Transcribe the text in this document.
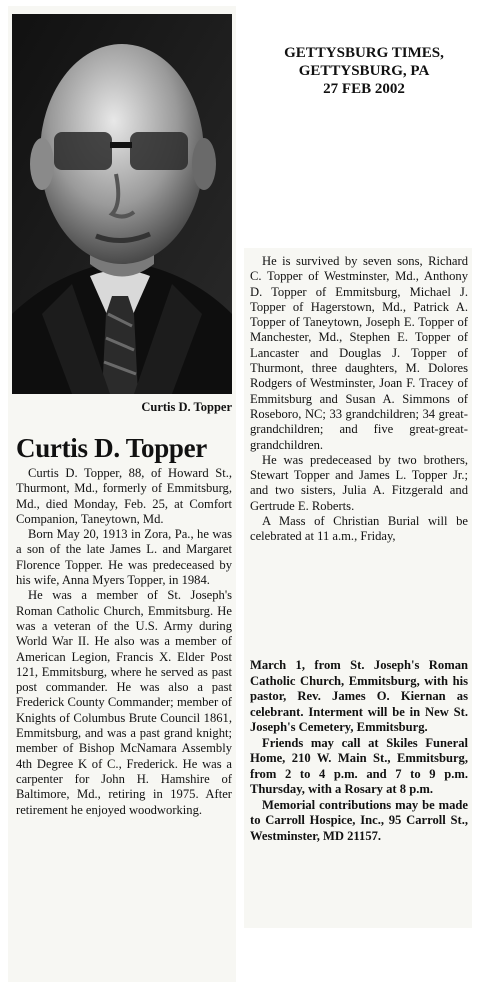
Curtis D. Topper
GETTYSBURG TIMES,
GETTYSBURG, PA
27 FEB 2002
Curtis D. Topper

Curtis D. Topper, 88, of Howard St., Thurmont, Md., formerly of Emmitsburg, Md., died Monday, Feb. 25, at Comfort Companion, Taneytown, Md.

Born May 20, 1913 in Zora, Pa., he was a son of the late James L. and Margaret Florence Topper. He was predeceased by his wife, Anna Myers Topper, in 1984.

He was a member of St. Joseph's Roman Catholic Church, Emmitsburg. He was a veteran of the U.S. Army during World War II. He also was a member of American Legion, Francis X. Elder Post 121, Emmitsburg, where he served as past post commander. He was also a past Frederick County Commander; member of Knights of Columbus Brute Council 1861, Emmitsburg, and was a past grand knight; member of Bishop McNamara Assembly 4th Degree K of C., Frederick. He was a carpenter for John H. Hamshire of Baltimore, Md., retiring in 1975. After retirement he enjoyed woodworking.

He is survived by seven sons, Richard C. Topper of Westminster, Md., Anthony D. Topper of Emmitsburg, Michael J. Topper of Hagerstown, Md., Patrick A. Topper of Taneytown, Joseph E. Topper of Manchester, Md., Stephen E. Topper of Lancaster and Douglas J. Topper of Thurmont, three daughters, M. Dolores Rodgers of Westminster, Joan F. Tracey of Emmitsburg and Susan A. Simmons of Roseboro, NC; 33 grandchildren; 34 great-grandchildren; and five great-great-grandchildren.

He was predeceased by two brothers, Stewart Topper and James L. Topper Jr.; and two sisters, Julia A. Fitzgerald and Gertrude E. Roberts.

A Mass of Christian Burial will be celebrated at 11 a.m., Friday,

March 1, from St. Joseph's Roman Catholic Church, Emmitsburg, with his pastor, Rev. James O. Kiernan as celebrant. Interment will be in New St. Joseph's Cemetery, Emmitsburg.

Friends may call at Skiles Funeral Home, 210 W. Main St., Emmitsburg, from 2 to 4 p.m. and 7 to 9 p.m. Thursday, with a Rosary at 8 p.m.

Memorial contributions may be made to Carroll Hospice, Inc., 95 Carroll St., Westminster, MD 21157.
